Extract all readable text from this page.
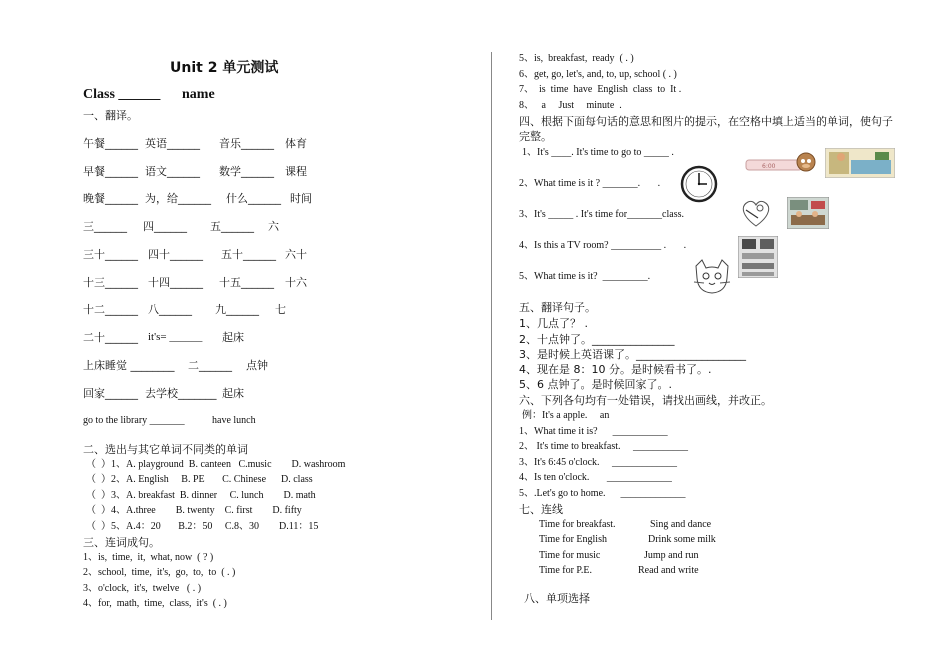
Unit 2 单元测试
Class ______ name
一、翻译。
午餐______ 英语______ 音乐______ 体育
早餐______ 语文______ 数学______ 课程
晚餐______ 为，给______ 什么______ 时间
三______ 四______ 五______ 六
三十______ 四十______ 五十______ 六十
十三______ 十四______ 十五______ 十六
十二______ 八______ 九______ 七
二十______ it's= ______ 起床
上床睡觉 ________ 二______ 点钟
回家______ 去学校_______ 起床
go to the library _______	have lunch
二、选出与其它单词不同类的单词
（  ）1、A. playground  B. canteen   C.music        D. washroom
（  ）2、A. English     B. PE       C. Chinese      D. class
（  ）3、A. breakfast  B. dinner     C. lunch        D. math
（  ）4、A.three        B. twenty    C. first        D. fifty
（  ）5、A.4：20       B.2：50     C.8、30        D.11：15
三、连词成句。
1、is,  time,  it,  what, now  ( ? )
2、school,  time,  it's,  go,  to,  to  ( . )
3、o'clock,  it's,  twelve   ( . )
4、for,  math,  time,  class,  it's  ( . )
5、is,  breakfast,  ready  ( . )
6、get, go, let's, and, to, up, school ( . )
7、  is  time  have  English  class  to  It .
8、   a     Just     minute  .
四、根据下面每句话的意思和图片的提示，在空格中填上适当的单词，使句子
完整。
1、It's ____. It's time to go to _____ .
2、What time is it ? _______.       .
3、It's _____ . It's time for_______class.
4、Is this a TV room? __________ .       .
5、What time is it?  _________.
6:00
五、翻译句子。
1、几点了？ .
2、十点钟了。_______________
3、是时候上英语课了。____________________
4、现在是 8：10 分。是时候看书了。.
5、6 点钟了。是时候回家了。.
六、下列各句均有一处错误，请找出画线，并改正。
例：It's a apple.     an
1、What time it is?      ___________
2、 It's time to breakfast.     ___________
3、It's 6:45 o'clock.     _____________
4、Is ten o'clock.       _____________
5、.Let's go to home.      _____________
七、连线
Time for breakfast.	Sing and dance
Time for English	Drink some milk
Time for music	Jump and run
Time for P.E.	Read and write
八、单项选择
